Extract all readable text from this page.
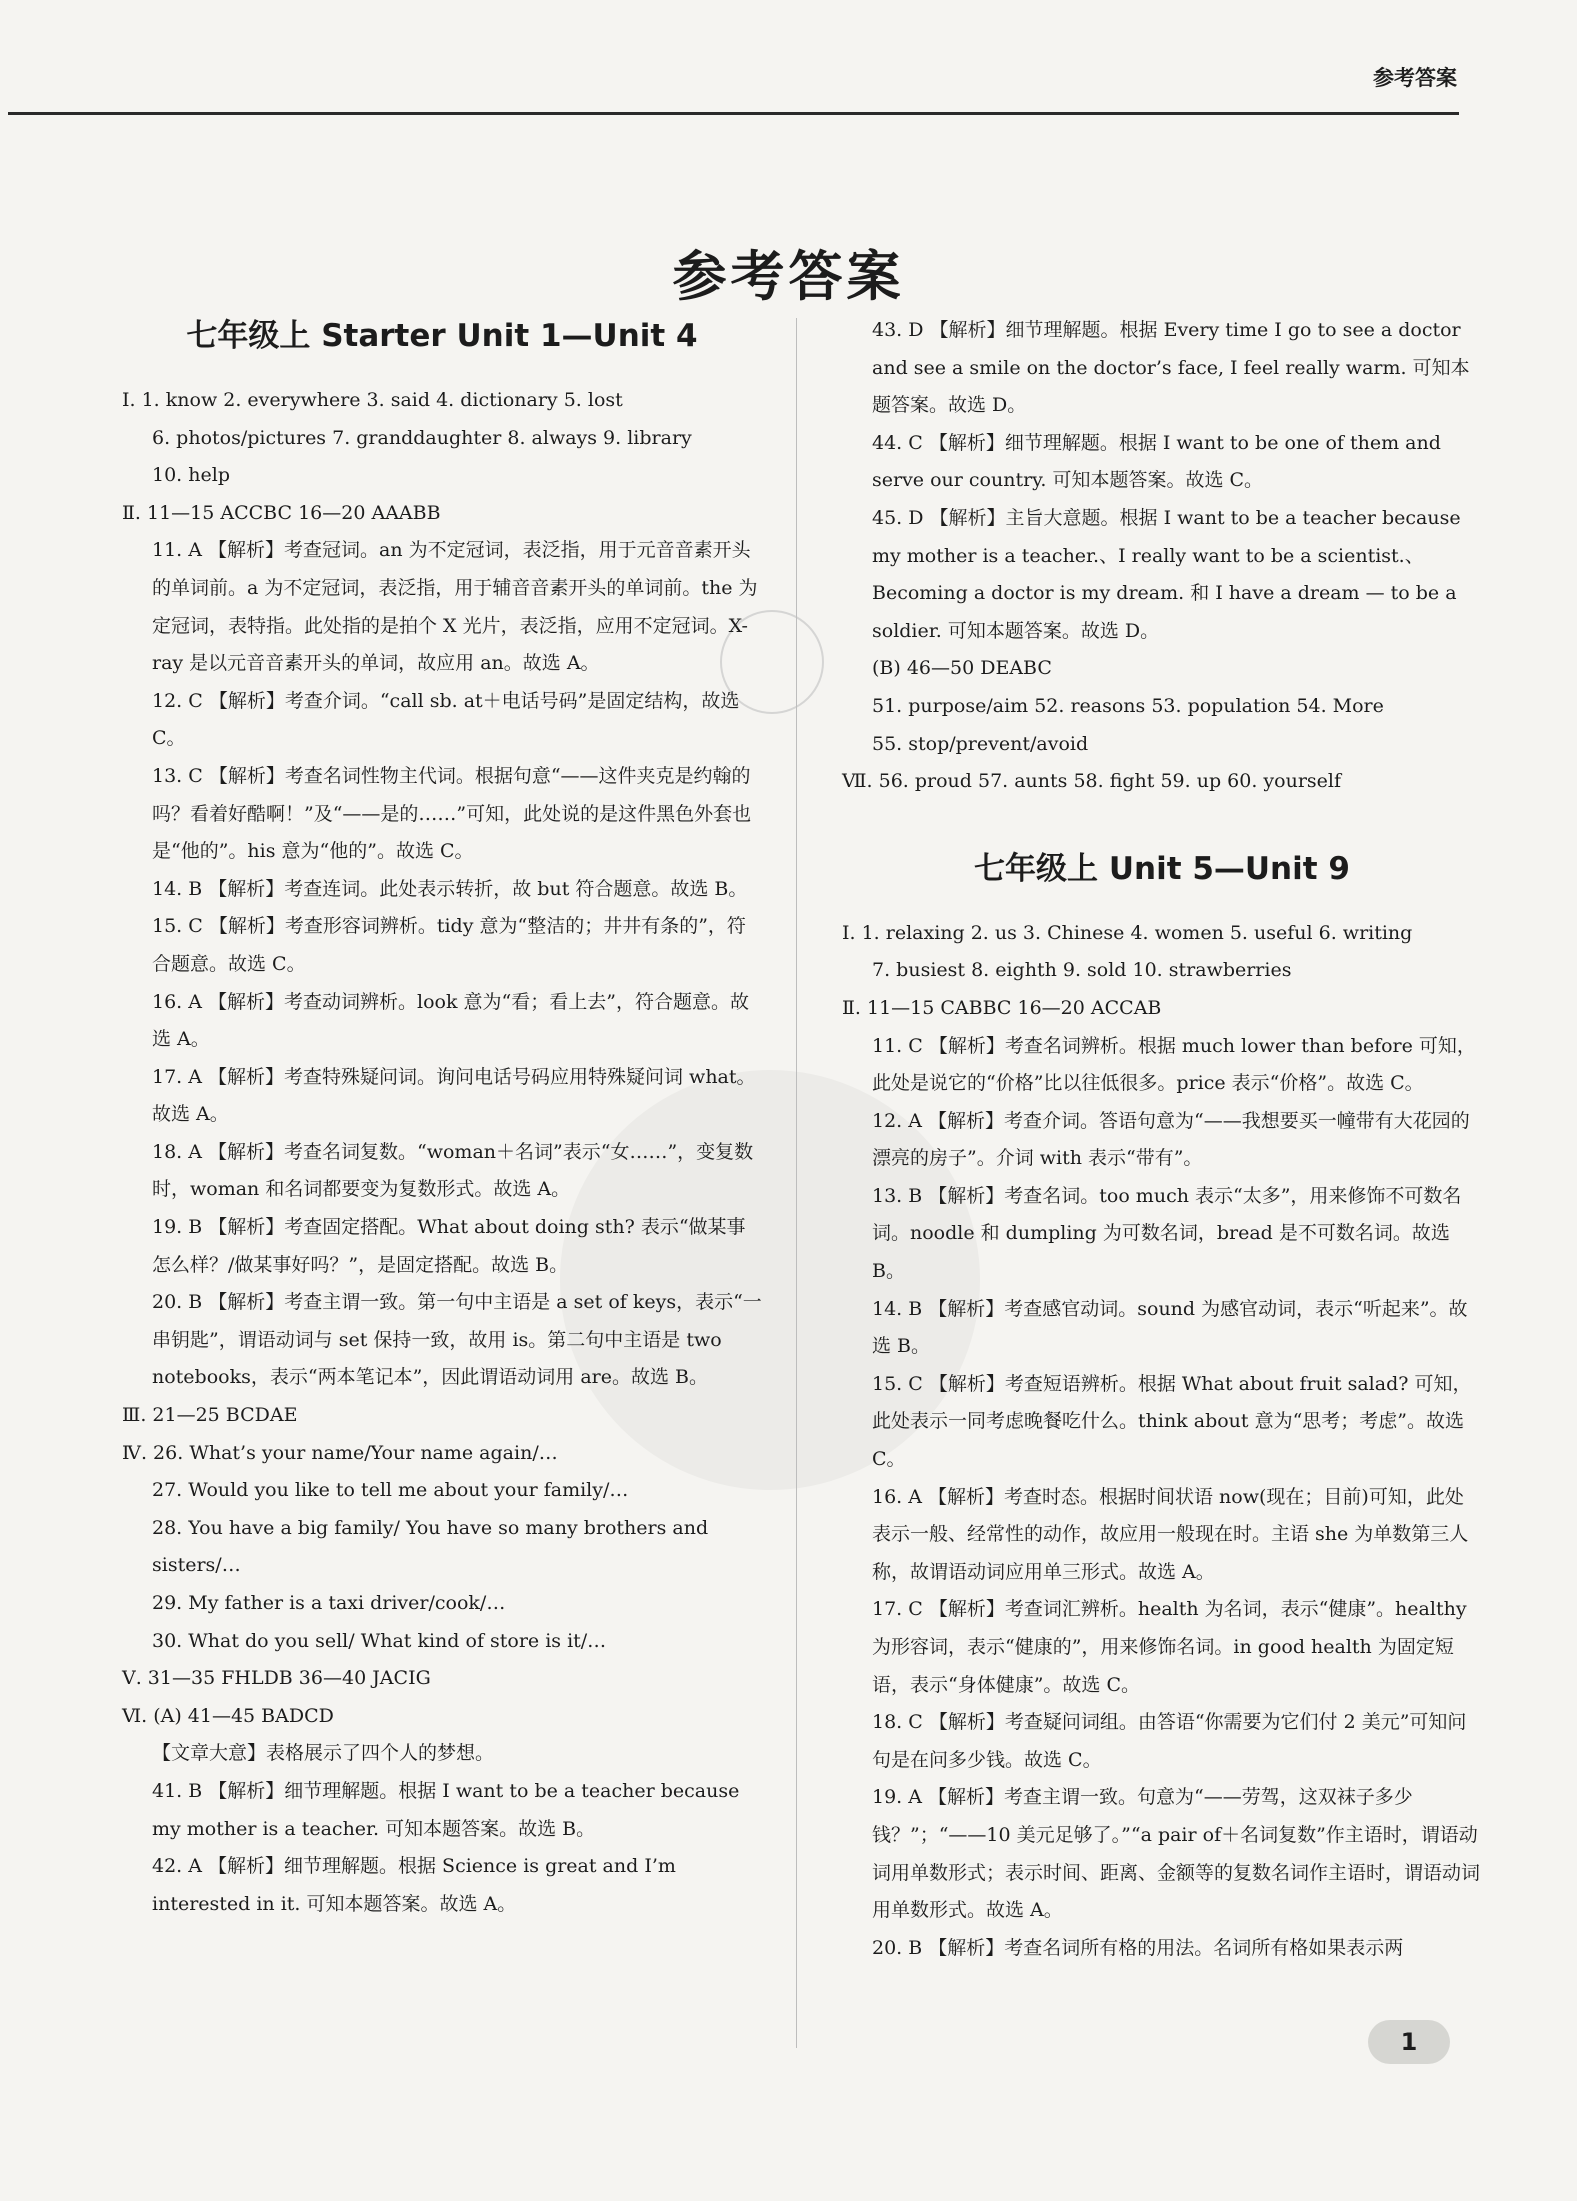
参考答案
参考答案
七年级上 Starter Unit 1—Unit 4

Ⅰ. 1. know 2. everywhere 3. said 4. dictionary 5. lost

6. photos/pictures 7. granddaughter 8. always 9. library

10. help

Ⅱ. 11—15 ACCBC 16—20 AAABB

11. A 【解析】考查冠词。an 为不定冠词，表泛指，用于元音音素开头的单词前。a 为不定冠词，表泛指，用于辅音音素开头的单词前。the 为定冠词，表特指。此处指的是拍个 X 光片，表泛指，应用不定冠词。X-ray 是以元音音素开头的单词，故应用 an。故选 A。

12. C 【解析】考查介词。“call sb. at＋电话号码”是固定结构，故选 C。

13. C 【解析】考查名词性物主代词。根据句意“——这件夹克是约翰的吗？看着好酷啊！”及“——是的……”可知，此处说的是这件黑色外套也是“他的”。his 意为“他的”。故选 C。

14. B 【解析】考查连词。此处表示转折，故 but 符合题意。故选 B。

15. C 【解析】考查形容词辨析。tidy 意为“整洁的；井井有条的”，符合题意。故选 C。

16. A 【解析】考查动词辨析。look 意为“看；看上去”，符合题意。故选 A。

17. A 【解析】考查特殊疑问词。询问电话号码应用特殊疑问词 what。故选 A。

18. A 【解析】考查名词复数。“woman＋名词”表示“女……”，变复数时，woman 和名词都要变为复数形式。故选 A。

19. B 【解析】考查固定搭配。What about doing sth? 表示“做某事怎么样？/做某事好吗？”，是固定搭配。故选 B。

20. B 【解析】考查主谓一致。第一句中主语是 a set of keys，表示“一串钥匙”，谓语动词与 set 保持一致，故用 is。第二句中主语是 two notebooks，表示“两本笔记本”，因此谓语动词用 are。故选 B。

Ⅲ. 21—25 BCDAE

Ⅳ. 26. What’s your name/Your name again/…

27. Would you like to tell me about your family/…

28. You have a big family/ You have so many brothers and sisters/…

29. My father is a taxi driver/cook/…

30. What do you sell/ What kind of store is it/…

Ⅴ. 31—35 FHLDB 36—40 JACIG

Ⅵ. (A) 41—45 BADCD

【文章大意】表格展示了四个人的梦想。

41. B 【解析】细节理解题。根据 I want to be a teacher because my mother is a teacher. 可知本题答案。故选 B。

42. A 【解析】细节理解题。根据 Science is great and I’m interested in it. 可知本题答案。故选 A。

43. D 【解析】细节理解题。根据 Every time I go to see a doctor and see a smile on the doctor’s face, I feel really warm. 可知本题答案。故选 D。

44. C 【解析】细节理解题。根据 I want to be one of them and serve our country. 可知本题答案。故选 C。

45. D 【解析】主旨大意题。根据 I want to be a teacher because my mother is a teacher.、I really want to be a scientist.、Becoming a doctor is my dream. 和 I have a dream — to be a soldier. 可知本题答案。故选 D。

(B) 46—50 DEABC

51. purpose/aim 52. reasons 53. population 54. More

55. stop/prevent/avoid

Ⅶ. 56. proud 57. aunts 58. fight 59. up 60. yourself

七年级上 Unit 5—Unit 9

Ⅰ. 1. relaxing 2. us 3. Chinese 4. women 5. useful 6. writing

7. busiest 8. eighth 9. sold 10. strawberries

Ⅱ. 11—15 CABBC 16—20 ACCAB

11. C 【解析】考查名词辨析。根据 much lower than before 可知，此处是说它的“价格”比以往低很多。price 表示“价格”。故选 C。

12. A 【解析】考查介词。答语句意为“——我想要买一幢带有大花园的漂亮的房子”。介词 with 表示“带有”。

13. B 【解析】考查名词。too much 表示“太多”，用来修饰不可数名词。noodle 和 dumpling 为可数名词，bread 是不可数名词。故选 B。

14. B 【解析】考查感官动词。sound 为感官动词，表示“听起来”。故选 B。

15. C 【解析】考查短语辨析。根据 What about fruit salad? 可知，此处表示一同考虑晚餐吃什么。think about 意为“思考；考虑”。故选 C。

16. A 【解析】考查时态。根据时间状语 now(现在；目前)可知，此处表示一般、经常性的动作，故应用一般现在时。主语 she 为单数第三人称，故谓语动词应用单三形式。故选 A。

17. C 【解析】考查词汇辨析。health 为名词，表示“健康”。healthy 为形容词，表示“健康的”，用来修饰名词。in good health 为固定短语，表示“身体健康”。故选 C。

18. C 【解析】考查疑问词组。由答语“你需要为它们付 2 美元”可知问句是在问多少钱。故选 C。

19. A 【解析】考查主谓一致。句意为“——劳驾，这双袜子多少钱？”；“——10 美元足够了。”“a pair of＋名词复数”作主语时，谓语动词用单数形式；表示时间、距离、金额等的复数名词作主语时，谓语动词用单数形式。故选 A。

20. B 【解析】考查名词所有格的用法。名词所有格如果表示两

1
